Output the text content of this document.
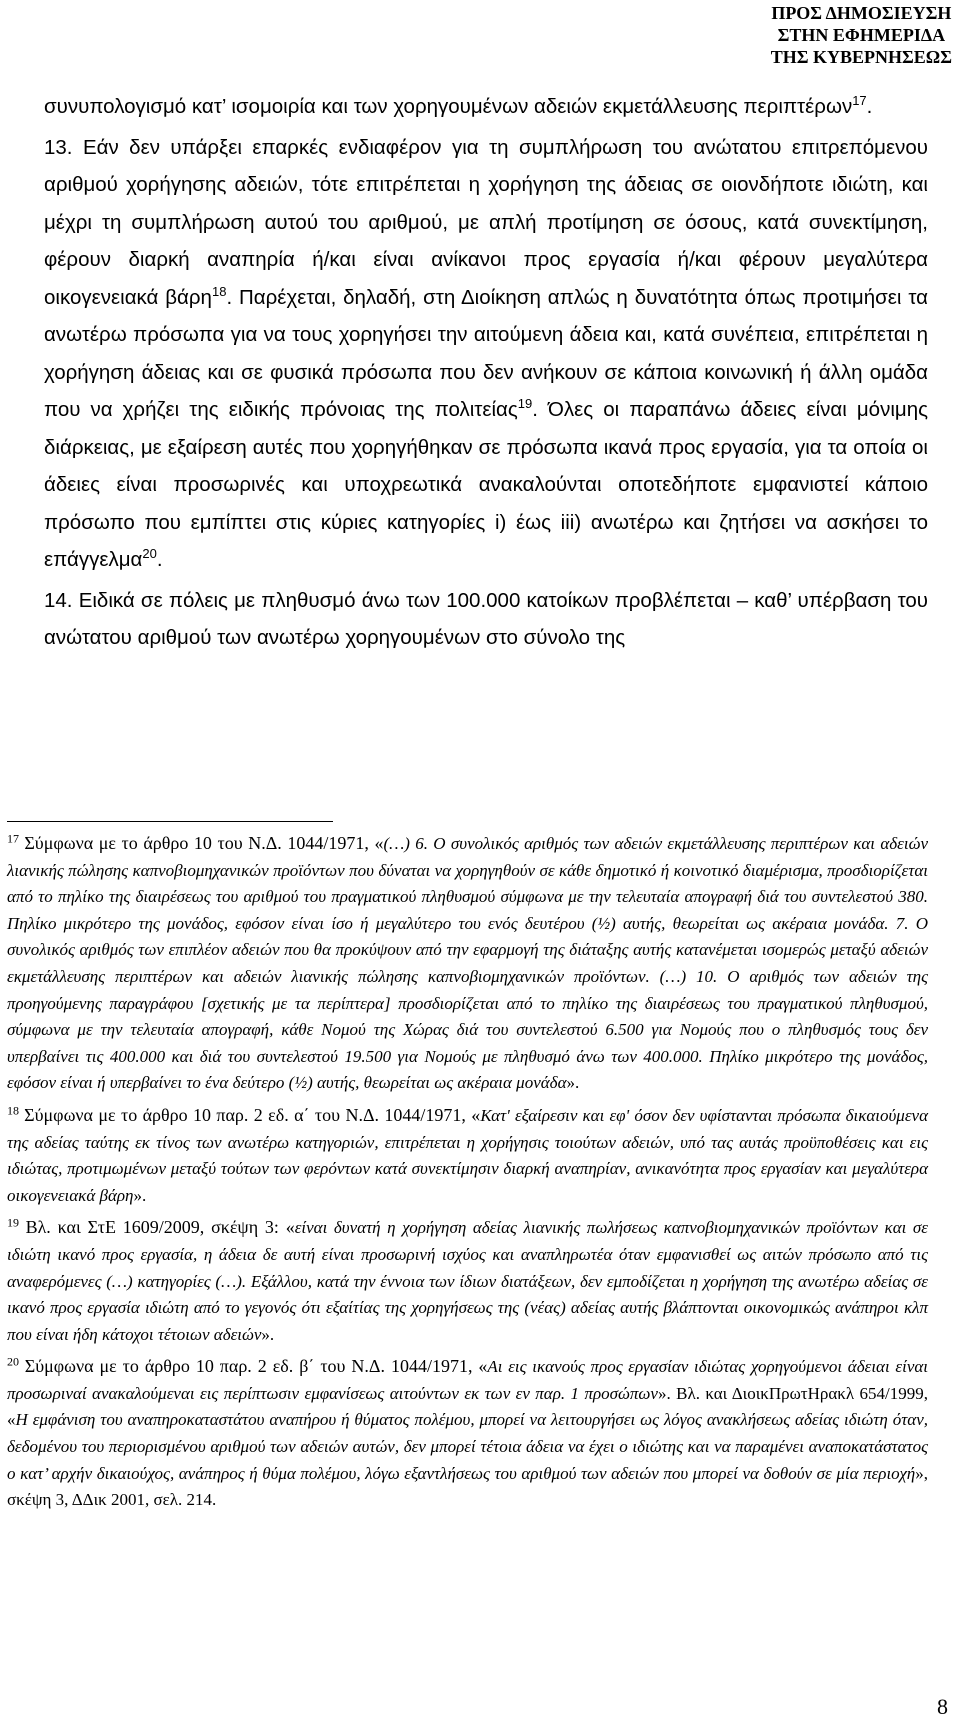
ΠΡΟΣ ΔΗΜΟΣΙΕΥΣΗ
ΣΤΗΝ ΕΦΗΜΕΡΙΔΑ
ΤΗΣ ΚΥΒΕΡΝΗΣΕΩΣ

συνυπολογισμό κατ’ ισομοιρία και των χορηγουμένων αδειών εκμετάλλευσης περιπτέρων$^{17}$.

13. Εάν δεν υπάρξει επαρκές ενδιαφέρον για τη συμπλήρωση του ανώτατου επιτρεπόμενου αριθμού χορήγησης αδειών, τότε επιτρέπεται η χορήγηση της άδειας σε οιονδήποτε ιδιώτη, και μέχρι τη συμπλήρωση αυτού του αριθμού, με απλή προτίμηση σε όσους, κατά συνεκτίμηση, φέρουν διαρκή αναπηρία ή/και είναι ανίκανοι προς εργασία ή/και φέρουν μεγαλύτερα οικογενειακά βάρη$^{18}$. Παρέχεται, δηλαδή, στη Διοίκηση απλώς η δυνατότητα όπως προτιμήσει τα ανωτέρω πρόσωπα για να τους χορηγήσει την αιτούμενη άδεια και, κατά συνέπεια, επιτρέπεται η χορήγηση άδειας και σε φυσικά πρόσωπα που δεν ανήκουν σε κάποια κοινωνική ή άλλη ομάδα που να χρήζει της ειδικής πρόνοιας της πολιτείας$^{19}$. Όλες οι παραπάνω άδειες είναι μόνιμης διάρκειας, με εξαίρεση αυτές που χορηγήθηκαν σε πρόσωπα ικανά προς εργασία, για τα οποία οι άδειες είναι προσωρινές και υποχρεωτικά ανακαλούνται οποτεδήποτε εμφανιστεί κάποιο πρόσωπο που εμπίπτει στις κύριες κατηγορίες i) έως iii) ανωτέρω και ζητήσει να ασκήσει το επάγγελμα$^{20}$.

14. Ειδικά σε πόλεις με πληθυσμό άνω των 100.000 κατοίκων προβλέπεται – καθ’ υπέρβαση του ανώτατου αριθμού των ανωτέρω χορηγουμένων στο σύνολο της

$^{17}$ Σύμφωνα με το άρθρο 10 του Ν.Δ. 1044/1971, «(…) 6. Ο συνολικός αριθμός των αδειών εκμετάλλευσης περιπτέρων και αδειών λιανικής πώλησης καπνοβιομηχανικών προϊόντων που δύναται να χορηγηθούν σε κάθε δημοτικό ή κοινοτικό διαμέρισμα, προσδιορίζεται από το πηλίκο της διαιρέσεως του αριθμού του πραγματικού πληθυσμού σύμφωνα με την τελευταία απογραφή διά του συντελεστού 380. Πηλίκο μικρότερο της μονάδος, εφόσον είναι ίσο ή μεγαλύτερο του ενός δευτέρου (½) αυτής, θεωρείται ως ακέραια μονάδα. 7. Ο συνολικός αριθμός των επιπλέον αδειών που θα προκύψουν από την εφαρμογή της διάταξης αυτής κατανέμεται ισομερώς μεταξύ αδειών εκμετάλλευσης περιπτέρων και αδειών λιανικής πώλησης καπνοβιομηχανικών προϊόντων. (…) 10. Ο αριθμός των αδειών της προηγούμενης παραγράφου [σχετικής με τα περίπτερα] προσδιορίζεται από το πηλίκο της διαιρέσεως του πραγματικού πληθυσμού, σύμφωνα με την τελευταία απογραφή, κάθε Νομού της Χώρας διά του συντελεστού 6.500 για Νομούς που ο πληθυσμός τους δεν υπερβαίνει τις 400.000 και διά του συντελεστού 19.500 για Νομούς με πληθυσμό άνω των 400.000. Πηλίκο μικρότερο της μονάδος, εφόσον είναι ή υπερβαίνει το ένα δεύτερο (½) αυτής, θεωρείται ως ακέραια μονάδα».

$^{18}$ Σύμφωνα με το άρθρο 10 παρ. 2 εδ. α΄ του Ν.Δ. 1044/1971, «Κατ' εξαίρεσιν και εφ' όσον δεν υφίστανται πρόσωπα δικαιούμενα της αδείας ταύτης εκ τίνος των ανωτέρω κατηγοριών, επιτρέπεται η χορήγησις τοιούτων αδειών, υπό τας αυτάς προϋποθέσεις και εις ιδιώτας, προτιμωμένων μεταξύ τούτων των φερόντων κατά συνεκτίμησιν διαρκή αναπηρίαν, ανικανότητα προς εργασίαν και μεγαλύτερα οικογενειακά βάρη».

$^{19}$ Βλ. και ΣτΕ 1609/2009, σκέψη 3: «είναι δυνατή η χορήγηση αδείας λιανικής πωλήσεως καπνοβιομηχανικών προϊόντων και σε ιδιώτη ικανό προς εργασία, η άδεια δε αυτή είναι προσωρινή ισχύος και αναπληρωτέα όταν εμφανισθεί ως αιτών πρόσωπο από τις αναφερόμενες (…) κατηγορίες (…). Εξάλλου, κατά την έννοια των ίδιων διατάξεων, δεν εμποδίζεται η χορήγηση της ανωτέρω αδείας σε ικανό προς εργασία ιδιώτη από το γεγονός ότι εξαίτίας της χορηγήσεως της (νέας) αδείας αυτής βλάπτονται οικονομικώς ανάπηροι κλπ που είναι ήδη κάτοχοι τέτοιων αδειών».

$^{20}$ Σύμφωνα με το άρθρο 10 παρ. 2 εδ. β΄ του Ν.Δ. 1044/1971, «Αι εις ικανούς προς εργασίαν ιδιώτας χορηγούμενοι άδειαι είναι προσωριναί ανακαλούμεναι εις περίπτωσιν εμφανίσεως αιτούντων εκ των εν παρ. 1 προσώπων». Βλ. και ΔιοικΠρωτΗρακλ 654/1999, «Η εμφάνιση του αναπηροκαταστάτου αναπήρου ή θύματος πολέμου, μπορεί να λειτουργήσει ως λόγος ανακλήσεως αδείας ιδιώτη όταν, δεδομένου του περιορισμένου αριθμού των αδειών αυτών, δεν μπορεί τέτοια άδεια να έχει ο ιδιώτης και να παραμένει αναποκατάστατος ο κατ’ αρχήν δικαιούχος, ανάπηρος ή θύμα πολέμου, λόγω εξαντλήσεως του αριθμού των αδειών που μπορεί να δοθούν σε μία περιοχή», σκέψη 3, ΔΔικ 2001, σελ. 214.

8
